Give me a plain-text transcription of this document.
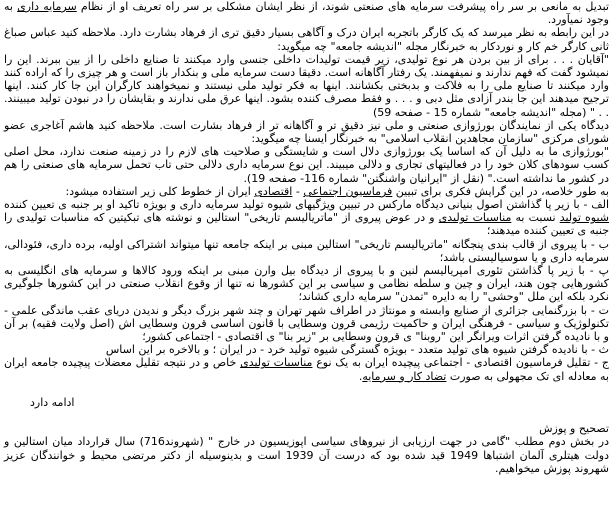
تبدیل به مانعی بر سر راه پیشرفت سرمایه های صنعتی شوند، از نظر ایشان مشکلی بر سر راه تعریف او از نظام سرمایه داری به وجود نمیآورد.

در این رابطه به نظر میرسد که یک کارگر باتجربه ایران درک و آگاهی بسیار دقیق تری از فرهاد بشارت دارد. ملاحظه کنید عباس صباغ ثانی کارگر خم کار و نوردکار به خبرنگار مجله "اندیشه جامعه" چه میگوید:

"آقایان . . . برای از بین بردن هر نوع تولیدی، زیر قیمت تولیدات داخلی جنسی وارد میکنند تا صنایع داخلی را از بین ببرند. این را نمیشود گفت که فهم ندارند و نمیفهمند. یک رفتار آگاهانه است. دقیقا دست سرمایه ملی و بنکدار باز است و هر چیزی را که اراده کنند وارد میکنند تا صنایع ملی را به فلاکت و بدبختی بکشانند. اینها به فکر تولید ملی نیستند و نمیخواهند کارگران این جا کار کنند. اینها ترجیح میدهند این جا بندر آزادی مثل دبی و . . . و فقط مصرف کننده بشود. اینها عرق ملی ندارند و بقایشان را در نبودن تولید میبینند. . . " (مجله "اندیشه جامعه" شماره 15 - صفحه 59)

دیدگاه یکی از نمایندگان بورژوازی صنعتی و ملی نیز دقیق تر و آگاهانه تر از فرهاد بشارت است. ملاحظه کنید هاشم آغاجری عضو شورای مرکزی "سازمان مجاهدین انقلاب اسلامی" به خبرنگار ایسنا چه میگوید:

"بورژوازی ما به دلیل آن که اساسا یک بورژوازی دلال است و شایستگی و صلاحیت های لازم را در زمینه صنعت ندارد، محل اصلی کسب سودهای کلان خود را در فعالیتهای تجاری و دلالی میبیند. این نوع سرمایه داری دلالی حتی تاب تحمل سرمایه های صنعتی را هم در کشور ما نداشته است." (نقل از "ایرانیان واشنگتن" شماره 116- صفحه 19).

به طور خلاصه، در این گرایش فکری برای تبیین فرماسیون اجتماعی - اقتصادی ایران از خطوط کلی زیر استفاده میشود:

الف - با زیر پا گذاشتن اصول بنیانی دیدگاه مارکس در تبیین ویژگیهای شیوه تولید سرمایه داری و بویژه تاکید او بر جنبه ی تعیین کننده شیوه تولید نسبت به مناسبات تولیدی و در عوض پیروی از "ماتریالیسم تاریخی" استالین و نوشته های تبکیتین که مناسبات تولیدی را جنبه ی تعیین کننده میدهند؛

ب - با پیروی از قالب بندی پنجگانه "ماتریالیسم تاریخی" استالین مبنی بر اینکه جامعه تنها میتواند اشتراکی اولیه، برده داری، فئودالی، سرمایه داری و یا سوسیالیستی باشد؛

پ - با زیر پا گذاشتن تئوری امپریالیسم لنین و با پیروی از دیدگاه بیل وارن مبنی بر اینکه ورود کالاها و سرمایه های انگلیسی به کشورهایی چون هند، ایران و چین و سلطه نظامی و سیاسی بر این کشورها نه تنها از وقوع انقلاب صنعتی در این کشورها جلوگیری نکرد بلکه این ملل "وحشی" را به دایره "تمدن" سرمایه داری کشاند؛

ت - با بزرگنمایی جزائری از صنایع وابسته و مونتاژ در اطراف شهر تهران و چند شهر بزرگ دیگر و ندیدن دریای عقب ماندگی علمی - تکنولوژیک و سیاسی - فرهنگی ایران و حاکمیت رژیمی قرون وسطایی با قانون اساسی قرون وسطایی اش (اصل ولایت فقیه) بر آن و با نادیده گرفتن اثرات ویرانگر این "روبنا" ی قرون وسطایی بر "زیر بنا" ی اقتصادی - اجتماعی کشور؛

ث - با نادیده گرفتن شیوه های تولید متعدد - بویژه گسترگی شیوه تولید خرد - در ایران ؛ و بالاخره بر این اساس

ج - تقلیل فرماسیون اقتصادی - اجتماعی پیچیده ایران به یک نوع مناسبات تولیدی خاص و در نتیجه تقلیل معضلات پیچیده جامعه ایران به معادله ای تک مجهولی به صورت تضاد کار و سرمایه.

ادامه دارد

تصحیح و پوزش

در بخش دوم مطلب "گامی در جهت ارزیابی از نیروهای سیاسی اپوزیسیون در خارج " (شهروند716) سال قرارداد میان استالین و دولت هیتلری آلمان اشتباها 1949 قید شده بود که درست آن 1939 است و بدینوسیله از دکتر مرتضی محیط و خوانندگان عزیز شهروند پوزش میخواهیم.
